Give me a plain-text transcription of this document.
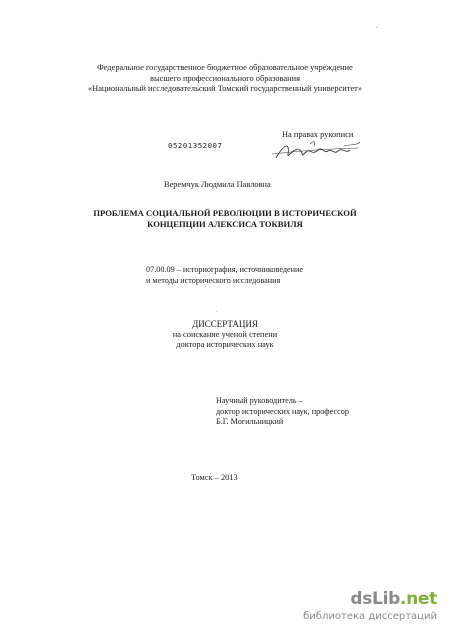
.
Федеральное государственное бюджетное образовательное учреждение
высшего профессионального образования
«Национальный исследовательский Томский государственный университет»
На правах рукописи
05201352007
Веремчук Людмила Павловна
ПРОБЛЕМА СОЦИАЛЬНОЙ РЕВОЛЮЦИИ В ИСТОРИЧЕСКОЙ
КОНЦЕПЦИИ АЛЕКСИСА ТОКВИЛЯ
07.00.09 – историография, источниковедение
и методы исторического исследования
.
ДИССЕРТАЦИЯ
на соискание ученой степени
доктора исторических наук
Научный руководитель –
доктор исторических наук, профессор
Б.Г. Могильницкий
Томск – 2013
dsLib.net
библиотека диссертаций
